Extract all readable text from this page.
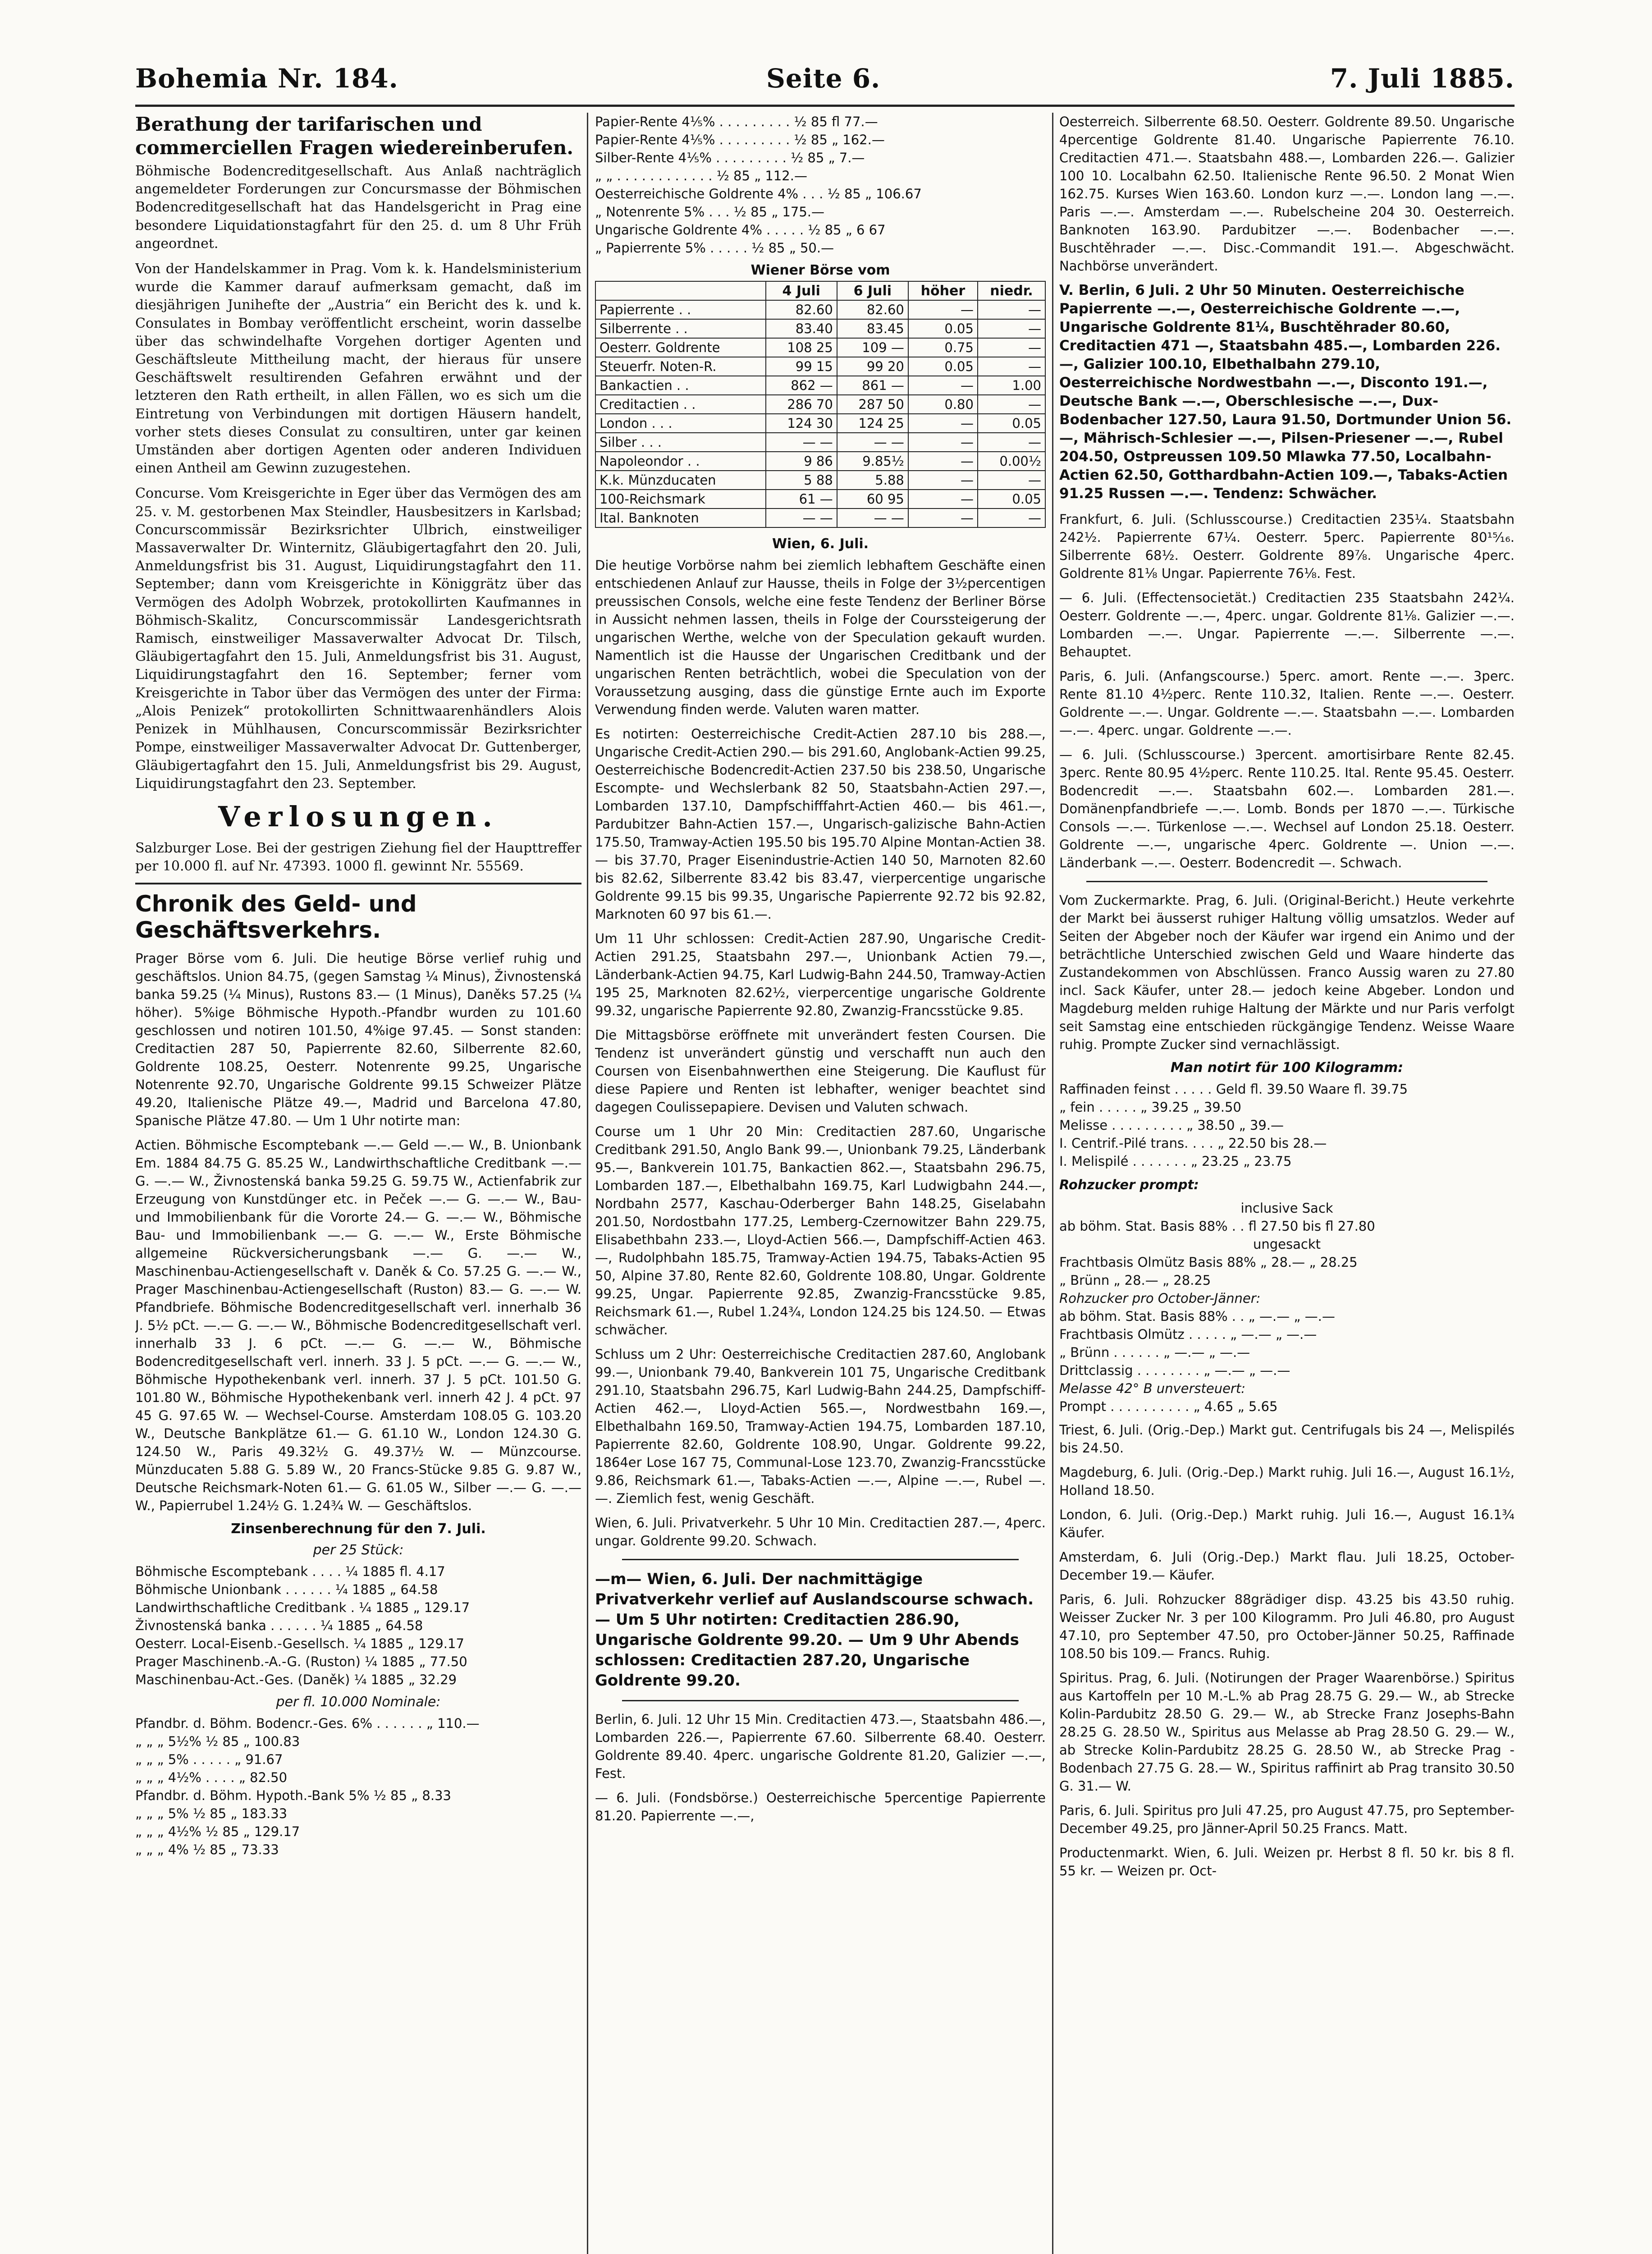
Bohemia Nr. 184.	Seite 6.	7. Juli 1885.
Berathung der tarifarischen und commerciellen Fragen wiedereinberufen.

Böhmische Bodencreditgesellschaft. Aus Anlaß nachträglich angemeldeter Forderungen zur Concursmasse der Böhmischen Bodencreditgesellschaft hat das Handelsgericht in Prag eine besondere Liquidationstagfahrt für den 25. d. um 8 Uhr Früh angeordnet.

Von der Handelskammer in Prag. Vom k. k. Handelsministerium wurde die Kammer darauf aufmerksam gemacht, daß im diesjährigen Junihefte der „Austria“ ein Bericht des k. und k. Consulates in Bombay veröffentlicht erscheint, worin dasselbe über das schwindelhafte Vorgehen dortiger Agenten und Geschäftsleute Mittheilung macht, der hieraus für unsere Geschäftswelt resultirenden Gefahren erwähnt und der letzteren den Rath ertheilt, in allen Fällen, wo es sich um die Eintretung von Verbindungen mit dortigen Häusern handelt, vorher stets dieses Consulat zu consultiren, unter gar keinen Umständen aber dortigen Agenten oder anderen Individuen einen Antheil am Gewinn zuzugestehen.

Concurse. Vom Kreisgerichte in Eger über das Vermögen des am 25. v. M. gestorbenen Max Steindler, Hausbesitzers in Karlsbad; Concurscommissär Bezirksrichter Ulbrich, einstweiliger Massaverwalter Dr. Winternitz, Gläubigertagfahrt den 20. Juli, Anmeldungsfrist bis 31. August, Liquidirungstagfahrt den 11. September; dann vom Kreisgerichte in Königgrätz über das Vermögen des Adolph Wobrzek, protokollirten Kaufmannes in Böhmisch-Skalitz, Concurscommissär Landesgerichtsrath Ramisch, einstweiliger Massaverwalter Advocat Dr. Tilsch, Gläubigertagfahrt den 15. Juli, Anmeldungsfrist bis 31. August, Liquidirungstagfahrt den 16. September; ferner vom Kreisgerichte in Tabor über das Vermögen des unter der Firma: „Alois Penizek“ protokollirten Schnittwaarenhändlers Alois Penizek in Mühlhausen, Concurscommissär Bezirksrichter Pompe, einstweiliger Massaverwalter Advocat Dr. Guttenberger, Gläubigertagfahrt den 15. Juli, Anmeldungsfrist bis 29. August, Liquidirungstagfahrt den 23. September.

Verlosungen.

Salzburger Lose. Bei der gestrigen Ziehung fiel der Haupttreffer per 10.000 fl. auf Nr. 47393. 1000 fl. gewinnt Nr. 55569.

Chronik des Geld- und Geschäftsverkehrs.

Prager Börse vom 6. Juli. Die heutige Börse verlief ruhig und geschäftslos. Union 84.75, (gegen Samstag ¼ Minus), Živnostenská banka 59.25 (¼ Minus), Rustons 83.— (1 Minus), Daněks 57.25 (¼ höher). 5%ige Böhmische Hypoth.-Pfandbr wurden zu 101.60 geschlossen und notiren 101.50, 4%ige 97.45. — Sonst standen: Creditactien 287 50, Papierrente 82.60, Silberrente 82.60, Goldrente 108.25, Oesterr. Notenrente 99.25, Ungarische Notenrente 92.70, Ungarische Goldrente 99.15 Schweizer Plätze 49.20, Italienische Plätze 49.—, Madrid und Barcelona 47.80, Spanische Plätze 47.80. — Um 1 Uhr notirte man:

Actien. Böhmische Escomptebank —.— Geld —.— W., B. Unionbank Em. 1884 84.75 G. 85.25 W., Landwirthschaftliche Creditbank —.— G. —.— W., Živnostenská banka 59.25 G. 59.75 W., Actienfabrik zur Erzeugung von Kunstdünger etc. in Peček —.— G. —.— W., Bau- und Immobilienbank für die Vororte 24.— G. —.— W., Böhmische Bau- und Immobilienbank —.— G. —.— W., Erste Böhmische allgemeine Rückversicherungsbank —.— G. —.— W., Maschinenbau-Actiengesellschaft v. Daněk & Co. 57.25 G. —.— W., Prager Maschinenbau-Actiengesellschaft (Ruston) 83.— G. —.— W. Pfandbriefe. Böhmische Bodencreditgesellschaft verl. innerhalb 36 J. 5½ pCt. —.— G. —.— W., Böhmische Bodencreditgesellschaft verl. innerhalb 33 J. 6 pCt. —.— G. —.— W., Böhmische Bodencreditgesellschaft verl. innerh. 33 J. 5 pCt. —.— G. —.— W., Böhmische Hypothekenbank verl. innerh. 37 J. 5 pCt. 101.50 G. 101.80 W., Böhmische Hypothekenbank verl. innerh 42 J. 4 pCt. 97 45 G. 97.65 W. — Wechsel-Course. Amsterdam 108.05 G. 103.20 W., Deutsche Bankplätze 61.— G. 61.10 W., London 124.30 G. 124.50 W., Paris 49.32½ G. 49.37½ W. — Münzcourse. Münzducaten 5.88 G. 5.89 W., 20 Francs-Stücke 9.85 G. 9.87 W., Deutsche Reichsmark-Noten 61.— G. 61.05 W., Silber —.— G. —.— W., Papierrubel 1.24½ G. 1.24¾ W. — Geschäftslos.

Zinsenberechnung für den 7. Juli.
per 25 Stück:
Böhmische Escomptebank . . . . ¼ 1885 fl. 4.17
Böhmische Unionbank . . . . . . ¼ 1885 „ 64.58
Landwirthschaftliche Creditbank . ¼ 1885 „ 129.17
Živnostenská banka . . . . . . ¼ 1885 „ 64.58
Oesterr. Local-Eisenb.-Gesellsch. ¼ 1885 „ 129.17
Prager Maschinenb.-A.-G. (Ruston) ¼ 1885 „ 77.50
Maschinenbau-Act.-Ges. (Daněk) ¼ 1885 „ 32.29
per fl. 10.000 Nominale:
Pfandbr. d. Böhm. Bodencr.-Ges. 6% . . . . . . „ 110.—
„ „ „ 5½% ½ 85 „ 100.83
„ „ „ 5% . . . . . „ 91.67
„ „ „ 4½% . . . . „ 82.50
Pfandbr. d. Böhm. Hypoth.-Bank 5% ½ 85 „ 8.33
„ „ „ 5% ½ 85 „ 183.33
„ „ „ 4½% ½ 85 „ 129.17
„ „ „ 4% ½ 85 „ 73.33
Papier-Rente 4⅕% . . . . . . . . . ½ 85 fl 77.—
Papier-Rente 4⅕% . . . . . . . . . ½ 85 „ 162.—
Silber-Rente 4⅕% . . . . . . . . . ½ 85 „ 7.—
„ „ . . . . . . . . . . . . ½ 85 „ 112.—
Oesterreichische Goldrente 4% . . . ½ 85 „ 106.67
„ Notenrente 5% . . . ½ 85 „ 175.—
Ungarische Goldrente 4% . . . . . ½ 85 „ 6 67
„ Papierrente 5% . . . . . ½ 85 „ 50.—
Wiener Börse vom
	4 Juli	6 Juli	höher	niedr.
Papierrente . .	82.60	82.60	—	—
Silberrente . .	83.40	83.45	0.05	—
Oesterr. Goldrente	108 25	109 —	0.75	—
Steuerfr. Noten-R.	99 15	99 20	0.05	—
Bankactien . .	862 —	861 —	—	1.00
Creditactien . .	286 70	287 50	0.80	—
London . . .	124 30	124 25	—	0.05
Silber . . .	— —	— —	—	—
Napoleondor . .	9 86	9.85½	—	0.00½
K.k. Münzducaten	5 88	5.88	—	—
100-Reichsmark	61 —	60 95	—	0.05
Ital. Banknoten	— —	— —	—	—
Wien, 6. Juli.

Die heutige Vorbörse nahm bei ziemlich lebhaftem Geschäfte einen entschiedenen Anlauf zur Hausse, theils in Folge der 3½percentigen preussischen Consols, welche eine feste Tendenz der Berliner Börse in Aussicht nehmen lassen, theils in Folge der Courssteigerung der ungarischen Werthe, welche von der Speculation gekauft wurden. Namentlich ist die Hausse der Ungarischen Creditbank und der ungarischen Renten beträchtlich, wobei die Speculation von der Voraussetzung ausging, dass die günstige Ernte auch im Exporte Verwendung finden werde. Valuten waren matter.

Es notirten: Oesterreichische Credit-Actien 287.10 bis 288.—, Ungarische Credit-Actien 290.— bis 291.60, Anglobank-Actien 99.25, Oesterreichische Bodencredit-Actien 237.50 bis 238.50, Ungarische Escompte- und Wechslerbank 82 50, Staatsbahn-Actien 297.—, Lombarden 137.10, Dampfschifffahrt-Actien 460.— bis 461.—, Pardubitzer Bahn-Actien 157.—, Ungarisch-galizische Bahn-Actien 175.50, Tramway-Actien 195.50 bis 195.70 Alpine Montan-Actien 38.— bis 37.70, Prager Eisenindustrie-Actien 140 50, Marnoten 82.60 bis 82.62, Silberrente 83.42 bis 83.47, vierpercentige ungarische Goldrente 99.15 bis 99.35, Ungarische Papierrente 92.72 bis 92.82, Marknoten 60 97 bis 61.—.

Um 11 Uhr schlossen: Credit-Actien 287.90, Ungarische Credit-Actien 291.25, Staatsbahn 297.—, Unionbank Actien 79.—, Länderbank-Actien 94.75, Karl Ludwig-Bahn 244.50, Tramway-Actien 195 25, Marknoten 82.62½, vierpercentige ungarische Goldrente 99.32, ungarische Papierrente 92.80, Zwanzig-Francsstücke 9.85.

Die Mittagsbörse eröffnete mit unverändert festen Coursen. Die Tendenz ist unverändert günstig und verschafft nun auch den Coursen von Eisenbahnwerthen eine Steigerung. Die Kauflust für diese Papiere und Renten ist lebhafter, weniger beachtet sind dagegen Coulissepapiere. Devisen und Valuten schwach.

Course um 1 Uhr 20 Min: Creditactien 287.60, Ungarische Creditbank 291.50, Anglo Bank 99.—, Unionbank 79.25, Länderbank 95.—, Bankverein 101.75, Bankactien 862.—, Staatsbahn 296.75, Lombarden 187.—, Elbethalbahn 169.75, Karl Ludwigbahn 244.—, Nordbahn 2577, Kaschau-Oderberger Bahn 148.25, Giselabahn 201.50, Nordostbahn 177.25, Lemberg-Czernowitzer Bahn 229.75, Elisabethbahn 233.—, Lloyd-Actien 566.—, Dampfschiff-Actien 463.—, Rudolphbahn 185.75, Tramway-Actien 194.75, Tabaks-Actien 95 50, Alpine 37.80, Rente 82.60, Goldrente 108.80, Ungar. Goldrente 99.25, Ungar. Papierrente 92.85, Zwanzig-Francsstücke 9.85, Reichsmark 61.—, Rubel 1.24¾, London 124.25 bis 124.50. — Etwas schwächer.

Schluss um 2 Uhr: Oesterreichische Creditactien 287.60, Anglobank 99.—, Unionbank 79.40, Bankverein 101 75, Ungarische Creditbank 291.10, Staatsbahn 296.75, Karl Ludwig-Bahn 244.25, Dampfschiff-Actien 462.—, Lloyd-Actien 565.—, Nordwestbahn 169.—, Elbethalbahn 169.50, Tramway-Actien 194.75, Lombarden 187.10, Papierrente 82.60, Goldrente 108.90, Ungar. Goldrente 99.22, 1864er Lose 167 75, Communal-Lose 123.70, Zwanzig-Francsstücke 9.86, Reichsmark 61.—, Tabaks-Actien —.—, Alpine —.—, Rubel —.—. Ziemlich fest, wenig Geschäft.

Wien, 6. Juli. Privatverkehr. 5 Uhr 10 Min. Creditactien 287.—, 4perc. ungar. Goldrente 99.20. Schwach.

—m— Wien, 6. Juli. Der nachmittägige Privatverkehr verlief auf Auslandscourse schwach. — Um 5 Uhr notirten: Creditactien 286.90, Ungarische Goldrente 99.20. — Um 9 Uhr Abends schlossen: Creditactien 287.20, Ungarische Goldrente 99.20.

Berlin, 6. Juli. 12 Uhr 15 Min. Creditactien 473.—, Staatsbahn 486.—, Lombarden 226.—, Papierrente 67.60. Silberrente 68.40. Oesterr. Goldrente 89.40. 4perc. ungarische Goldrente 81.20, Galizier —.—, Fest.

— 6. Juli. (Fondsbörse.) Oesterreichische 5percentige Papierrente 81.20. Papierrente —.—,

Oesterreich. Silberrente 68.50. Oesterr. Goldrente 89.50. Ungarische 4percentige Goldrente 81.40. Ungarische Papierrente 76.10. Creditactien 471.—. Staatsbahn 488.—, Lombarden 226.—. Galizier 100 10. Localbahn 62.50. Italienische Rente 96.50. 2 Monat Wien 162.75. Kurses Wien 163.60. London kurz —.—. London lang —.—. Paris —.—. Amsterdam —.—. Rubelscheine 204 30. Oesterreich. Banknoten 163.90. Pardubitzer —.—. Bodenbacher —.—. Buschtěhrader —.—. Disc.-Commandit 191.—. Abgeschwächt. Nachbörse unverändert.

V. Berlin, 6 Juli. 2 Uhr 50 Minuten. Oesterreichische Papierrente —.—, Oesterreichische Goldrente —.—, Ungarische Goldrente 81¼, Buschtěhrader 80.60, Creditactien 471 —, Staatsbahn 485.—, Lombarden 226.—, Galizier 100.10, Elbethalbahn 279.10, Oesterreichische Nordwestbahn —.—, Disconto 191.—, Deutsche Bank —.—, Oberschlesische —.—, Dux-Bodenbacher 127.50, Laura 91.50, Dortmunder Union 56.—, Mährisch-Schlesier —.—, Pilsen-Priesener —.—, Rubel 204.50, Ostpreussen 109.50 Mlawka 77.50, Localbahn-Actien 62.50, Gotthardbahn-Actien 109.—, Tabaks-Actien 91.25 Russen —.—. Tendenz: Schwächer.

Frankfurt, 6. Juli. (Schlusscourse.) Creditactien 235¼. Staatsbahn 242½. Papierrente 67¼. Oesterr. 5perc. Papierrente 80¹⁵⁄₁₆. Silberrente 68½. Oesterr. Goldrente 89⅞. Ungarische 4perc. Goldrente 81⅛ Ungar. Papierrente 76⅛. Fest.

— 6. Juli. (Effectensocietät.) Creditactien 235 Staatsbahn 242¼. Oesterr. Goldrente —.—, 4perc. ungar. Goldrente 81⅛. Galizier —.—. Lombarden —.—. Ungar. Papierrente —.—. Silberrente —.—. Behauptet.

Paris, 6. Juli. (Anfangscourse.) 5perc. amort. Rente —.—. 3perc. Rente 81.10 4½perc. Rente 110.32, Italien. Rente —.—. Oesterr. Goldrente —.—. Ungar. Goldrente —.—. Staatsbahn —.—. Lombarden —.—. 4perc. ungar. Goldrente —.—.

— 6. Juli. (Schlusscourse.) 3percent. amortisirbare Rente 82.45. 3perc. Rente 80.95 4½perc. Rente 110.25. Ital. Rente 95.45. Oesterr. Bodencredit —.—. Staatsbahn 602.—. Lombarden 281.—. Domänenpfandbriefe —.—. Lomb. Bonds per 1870 —.—. Türkische Consols —.—. Türkenlose —.—. Wechsel auf London 25.18. Oesterr. Goldrente —.—, ungarische 4perc. Goldrente —. Union —.—. Länderbank —.—. Oesterr. Bodencredit —. Schwach.

Vom Zuckermarkte. Prag, 6. Juli. (Original-Bericht.) Heute verkehrte der Markt bei äusserst ruhiger Haltung völlig umsatzlos. Weder auf Seiten der Abgeber noch der Käufer war irgend ein Animo und der beträchtliche Unterschied zwischen Geld und Waare hinderte das Zustandekommen von Abschlüssen. Franco Aussig waren zu 27.80 incl. Sack Käufer, unter 28.— jedoch keine Abgeber. London und Magdeburg melden ruhige Haltung der Märkte und nur Paris verfolgt seit Samstag eine entschieden rückgängige Tendenz. Weisse Waare ruhig. Prompte Zucker sind vernachlässigt.

Man notirt für 100 Kilogramm:
Raffinaden feinst . . . . . Geld fl. 39.50 Waare fl. 39.75
„ fein . . . . . „ 39.25 „ 39.50
Melisse . . . . . . . . . „ 38.50 „ 39.—
I. Centrif.-Pilé trans. . . . „ 22.50 bis 28.—
I. Melispilé . . . . . . . „ 23.25 „ 23.75
Rohzucker prompt:
inclusive Sack
ab böhm. Stat. Basis 88% . . fl 27.50 bis fl 27.80
ungesackt
Frachtbasis Olmütz Basis 88% „ 28.— „ 28.25
„ Brünn „ 28.— „ 28.25
Rohzucker pro October-Jänner:
ab böhm. Stat. Basis 88% . . „ —.— „ —.—
Frachtbasis Olmütz . . . . . „ —.— „ —.—
„ Brünn . . . . . . „ —.— „ —.—
Drittclassig . . . . . . . . „ —.— „ —.—
Melasse 42° B unversteuert:
Prompt . . . . . . . . . . „ 4.65 „ 5.65

Triest, 6. Juli. (Orig.-Dep.) Markt gut. Centrifugals bis 24 —, Melispilés bis 24.50.

Magdeburg, 6. Juli. (Orig.-Dep.) Markt ruhig. Juli 16.—, August 16.1½, Holland 18.50.

London, 6. Juli. (Orig.-Dep.) Markt ruhig. Juli 16.—, August 16.1¾ Käufer.

Amsterdam, 6. Juli (Orig.-Dep.) Markt flau. Juli 18.25, October-December 19.— Käufer.

Paris, 6. Juli. Rohzucker 88grädiger disp. 43.25 bis 43.50 ruhig. Weisser Zucker Nr. 3 per 100 Kilogramm. Pro Juli 46.80, pro August 47.10, pro September 47.50, pro October-Jänner 50.25, Raffinade 108.50 bis 109.— Francs. Ruhig.

Spiritus. Prag, 6. Juli. (Notirungen der Prager Waarenbörse.) Spiritus aus Kartoffeln per 10 M.-L.% ab Prag 28.75 G. 29.— W., ab Strecke Kolin-Pardubitz 28.50 G. 29.— W., ab Strecke Franz Josephs-Bahn 28.25 G. 28.50 W., Spiritus aus Melasse ab Prag 28.50 G. 29.— W., ab Strecke Kolin-Pardubitz 28.25 G. 28.50 W., ab Strecke Prag - Bodenbach 27.75 G. 28.— W., Spiritus raffinirt ab Prag transito 30.50 G. 31.— W.

Paris, 6. Juli. Spiritus pro Juli 47.25, pro August 47.75, pro September-December 49.25, pro Jänner-April 50.25 Francs. Matt.

Productenmarkt. Wien, 6. Juli. Weizen pr. Herbst 8 fl. 50 kr. bis 8 fl. 55 kr. — Weizen pr. Oct-
